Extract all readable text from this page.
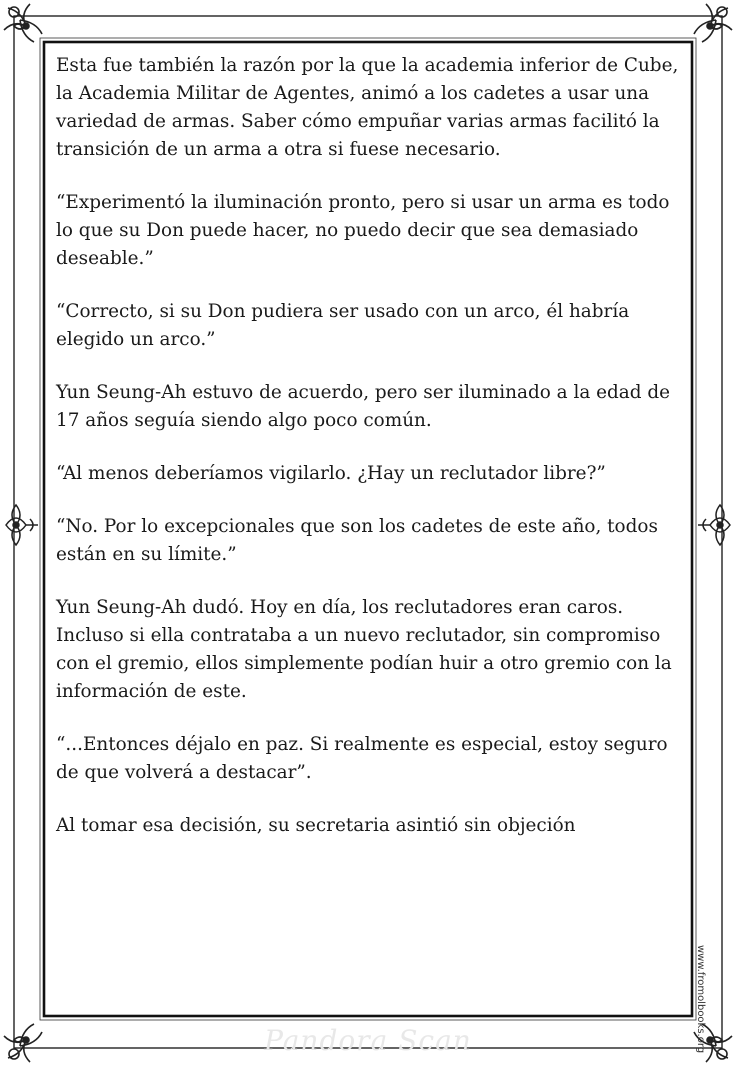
Esta fue también la razón por la que la academia inferior de Cube, la Academia Militar de Agentes, animó a los cadetes a usar una variedad de armas. Saber cómo empuñar varias armas facilitó la transición de un arma a otra si fuese necesario.

“Experimentó la iluminación pronto, pero si usar un arma es todo lo que su Don puede hacer, no puedo decir que sea demasiado deseable.”

“Correcto, si su Don pudiera ser usado con un arco, él habría elegido un arco.”

Yun Seung-Ah estuvo de acuerdo, pero ser iluminado a la edad de 17 años seguía siendo algo poco común.

“Al menos deberíamos vigilarlo. ¿Hay un reclutador libre?”

“No. Por lo excepcionales que son los cadetes de este año, todos están en su límite.”

Yun Seung-Ah dudó. Hoy en día, los reclutadores eran caros. Incluso si ella contrataba a un nuevo reclutador, sin compromiso con el gremio, ellos simplemente podían huir a otro gremio con la información de este.

“...Entonces déjalo en paz. Si realmente es especial, estoy seguro de que volverá a destacar”.

Al tomar esa decisión, su secretaria asintió sin objeción

www.fromolbooks.org
Pandora Scan
